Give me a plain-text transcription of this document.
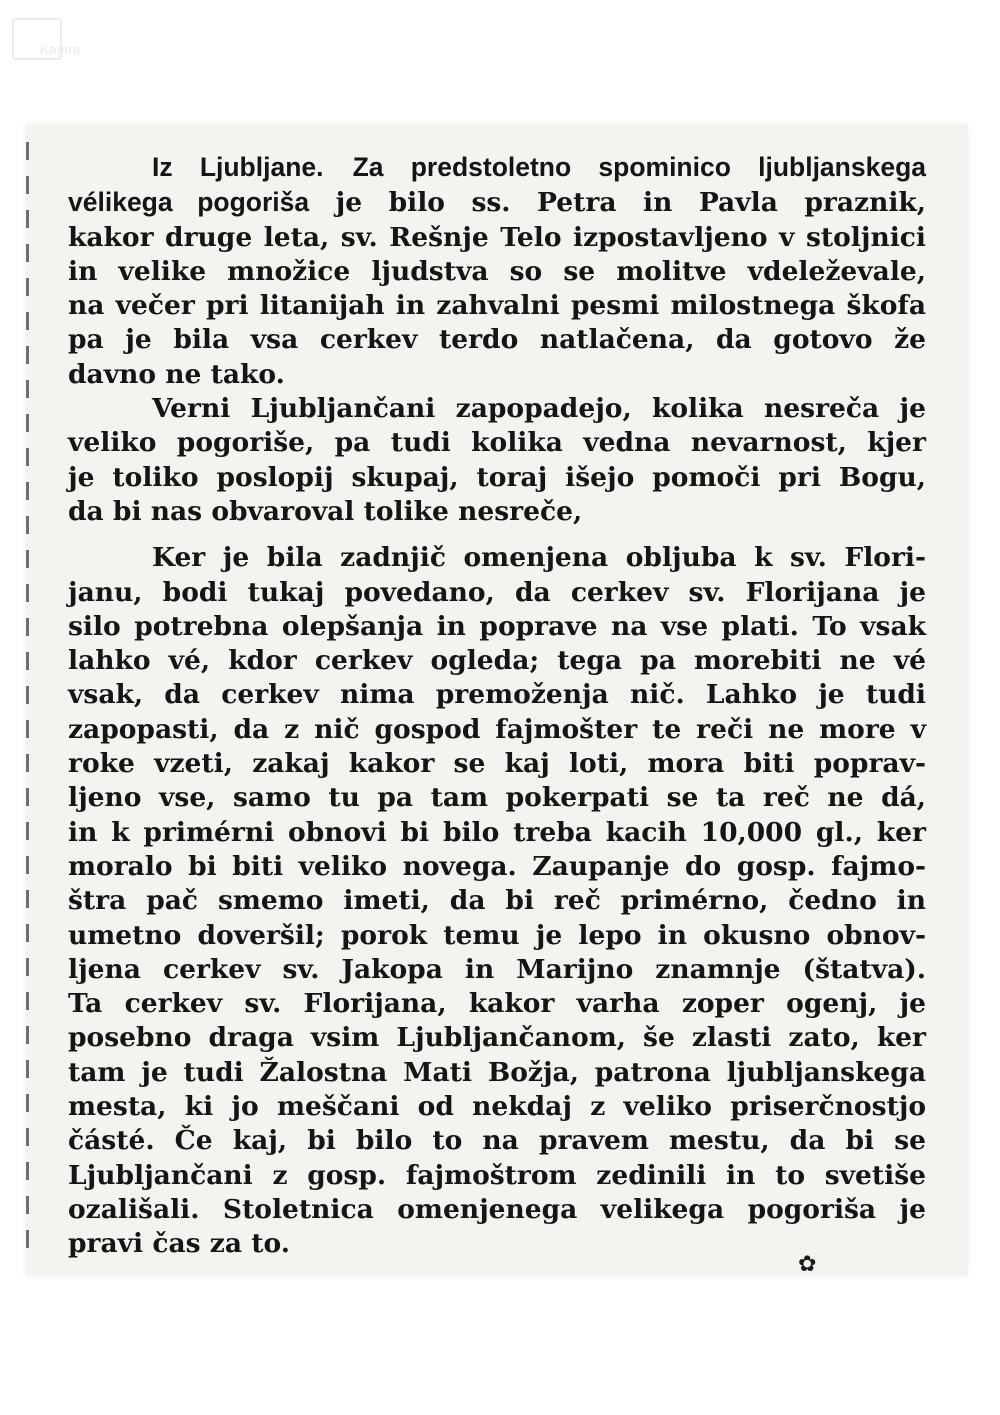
Kamra
Iz Ljubljane. Za predstoletno spominico ljubljanskega
vélikega pogoriša je bilo ss. Petra in Pavla praznik,
kakor druge leta, sv. Rešnje Telo izpostavljeno v stoljnici
in velike množice ljudstva so se molitve vdeleževale,
na večer pri litanijah in zahvalni pesmi milostnega škofa
pa je bila vsa cerkev terdo natlačena, da gotovo že
davno ne tako.
Verni Ljubljančani zapopadejo, kolika nesreča je
veliko pogoriše, pa tudi kolika vedna nevarnost, kjer
je toliko poslopij skupaj, toraj išejo pomoči pri Bogu,
da bi nas obvaroval tolike nesreče,
Ker je bila zadnjič omenjena obljuba k sv. Flori-
janu, bodi tukaj povedano, da cerkev sv. Florijana je
silo potrebna olepšanja in poprave na vse plati. To vsak
lahko vé, kdor cerkev ogleda; tega pa morebiti ne vé
vsak, da cerkev nima premoženja nič. Lahko je tudi
zapopasti, da z nič gospod fajmošter te reči ne more v
roke vzeti, zakaj kakor se kaj loti, mora biti poprav-
ljeno vse, samo tu pa tam pokerpati se ta reč ne dá,
in k primérni obnovi bi bilo treba kacih 10,000 gl., ker
moralo bi biti veliko novega. Zaupanje do gosp. fajmo-
štra pač smemo imeti, da bi reč primérno, čedno in
umetno doveršil; porok temu je lepo in okusno obnov-
ljena cerkev sv. Jakopa in Marijno znamnje (štatva).
Ta cerkev sv. Florijana, kakor varha zoper ogenj, je
posebno draga vsim Ljubljančanom, še zlasti zato, ker
tam je tudi Žalostna Mati Božja, patrona ljubljanskega
mesta, ki jo meščani od nekdaj z veliko priserčnostjo
částé. Če kaj, bi bilo to na pravem mestu, da bi se
Ljubljančani z gosp. fajmoštrom zedinili in to svetiše
ozališali. Stoletnica omenjenega velikega pogoriša je
pravi čas za to.
✿
